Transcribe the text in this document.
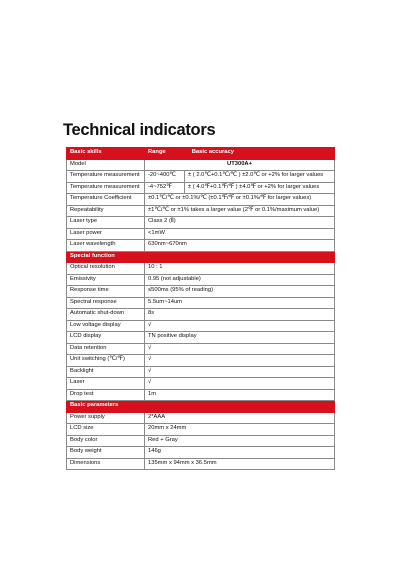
Technical indicators
Basic skills	Range Basic accuracy	
Model	UT300A+	
Temperature measurement	-20~400℃	± ( 2.0℃+0.1℃/℃ ) ±2.0℃ or +2% for larger values
Temperature measurement	-4~752℉	± ( 4.0℉+0.1℉/℉ ) ±4.0℉ or +2% for larger values
Temperature Coefficient	±0.1℃/℃ or ±0.1%/℃ (±0.1℉/℉ or ±0.1%/℉ for larger values)	
Repeatability	±1℃/℃ or ±1% takes a larger value (2℉ or 0.1%/maximum value)	
Laser type	Class 2 (Ⅱ)	
Laser power	<1mW	
Laser wavelength	630nm~670nm	
Special function		
Optical resolution	10 : 1	
Emissivity	0.95 (not adjustable)	
Response time	≤500ms (95% of reading)	
Spectral response	5.5um~14um	
Automatic shut-down	8s	
Low voltage display	√	
LCD display	TN positive display	
Data retention	√	
Unit switching (℃/℉)	√	
Backlight	√	
Laser	√	
Drop test	1m	
Basic parameters		
Power supply	2*AAA	
LCD size	20mm x 24mm	
Body color	Red + Gray	
Body weight	146g	
Dimensions	135mm x 94mm x 36.5mm	
